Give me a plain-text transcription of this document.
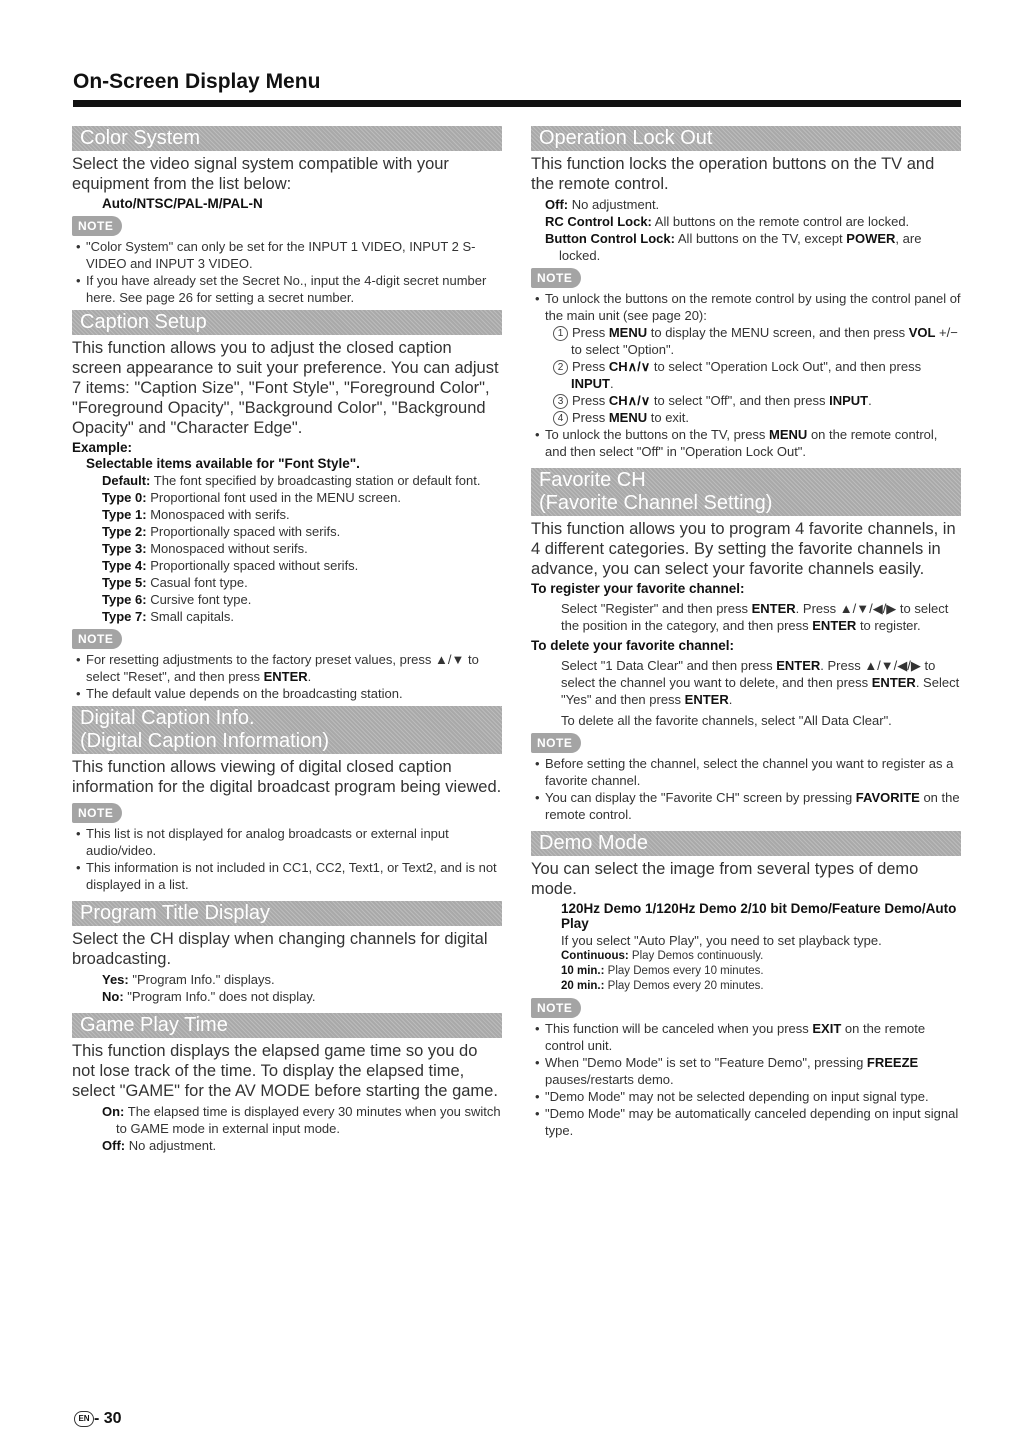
On-Screen Display Menu
Color System

Select the video signal system compatible with your equipment from the list below:

Auto/NTSC/PAL-M/PAL-N
NOTE
• "Color System" can only be set for the INPUT 1 VIDEO, INPUT 2 S-VIDEO and INPUT 3 VIDEO.
• If you have already set the Secret No., input the 4-digit secret number here. See page 26 for setting a secret number.
Caption Setup

This function allows you to adjust the closed caption screen appearance to suit your preference. You can adjust 7 items: "Caption Size", "Font Style", "Foreground Color", "Foreground Opacity", "Background Color", "Background Opacity" and "Character Edge".

Example:
Selectable items available for "Font Style".
Default: The font specified by broadcasting station or default font.
Type 0: Proportional font used in the MENU screen.
Type 1: Monospaced with serifs.
Type 2: Proportionally spaced with serifs.
Type 3: Monospaced without serifs.
Type 4: Proportionally spaced without serifs.
Type 5: Casual font type.
Type 6: Cursive font type.
Type 7: Small capitals.
NOTE
• For resetting adjustments to the factory preset values, press ▲/▼ to select "Reset", and then press ENTER.
• The default value depends on the broadcasting station.
Digital Caption Info.
(Digital Caption Information)

This function allows viewing of digital closed caption information for the digital broadcast program being viewed.

NOTE
• This list is not displayed for analog broadcasts or external input audio/video.
• This information is not included in CC1, CC2, Text1, or Text2, and is not displayed in a list.
Program Title Display

Select the CH display when changing channels for digital broadcasting.

Yes: "Program Info." displays.
No: "Program Info." does not display.
Game Play Time

This function displays the elapsed game time so you do not lose track of the time. To display the elapsed time, select "GAME" for the AV MODE before starting the game.

On: The elapsed time is displayed every 30 minutes when you switch to GAME mode in external input mode.
Off: No adjustment.
Operation Lock Out

This function locks the operation buttons on the TV and the remote control.

Off: No adjustment.
RC Control Lock: All buttons on the remote control are locked.
Button Control Lock: All buttons on the TV, except POWER, are locked.
NOTE
• To unlock the buttons on the remote control by using the control panel of the main unit (see page 20):
1 Press MENU to display the MENU screen, and then press VOL +/− to select "Option".
2 Press CH∧/∨ to select "Operation Lock Out", and then press INPUT.
3 Press CH∧/∨ to select "Off", and then press INPUT.
4 Press MENU to exit.
• To unlock the buttons on the TV, press MENU on the remote control, and then select "Off" in "Operation Lock Out".
Favorite CH
(Favorite Channel Setting)

This function allows you to program 4 favorite channels, in 4 different categories. By setting the favorite channels in advance, you can select your favorite channels easily.

To register your favorite channel:
Select "Register" and then press ENTER. Press ▲/▼/◀/▶ to select the position in the category, and then press ENTER to register.
To delete your favorite channel:
Select "1 Data Clear" and then press ENTER. Press ▲/▼/◀/▶ to select the channel you want to delete, and then press ENTER. Select "Yes" and then press ENTER.
To delete all the favorite channels, select "All Data Clear".
NOTE
• Before setting the channel, select the channel you want to register as a favorite channel.
• You can display the "Favorite CH" screen by pressing FAVORITE on the remote control.
Demo Mode

You can select the image from several types of demo mode.

120Hz Demo 1/120Hz Demo 2/10 bit Demo/Feature Demo/Auto Play
If you select "Auto Play", you need to set playback type.
Continuous: Play Demos continuously.
10 min.: Play Demos every 10 minutes.
20 min.: Play Demos every 20 minutes.
NOTE
• This function will be canceled when you press EXIT on the remote control unit.
• When "Demo Mode" is set to "Feature Demo", pressing FREEZE pauses/restarts demo.
• "Demo Mode" may not be selected depending on input signal type.
• "Demo Mode" may be automatically canceled depending on input signal type.
EN - 30
